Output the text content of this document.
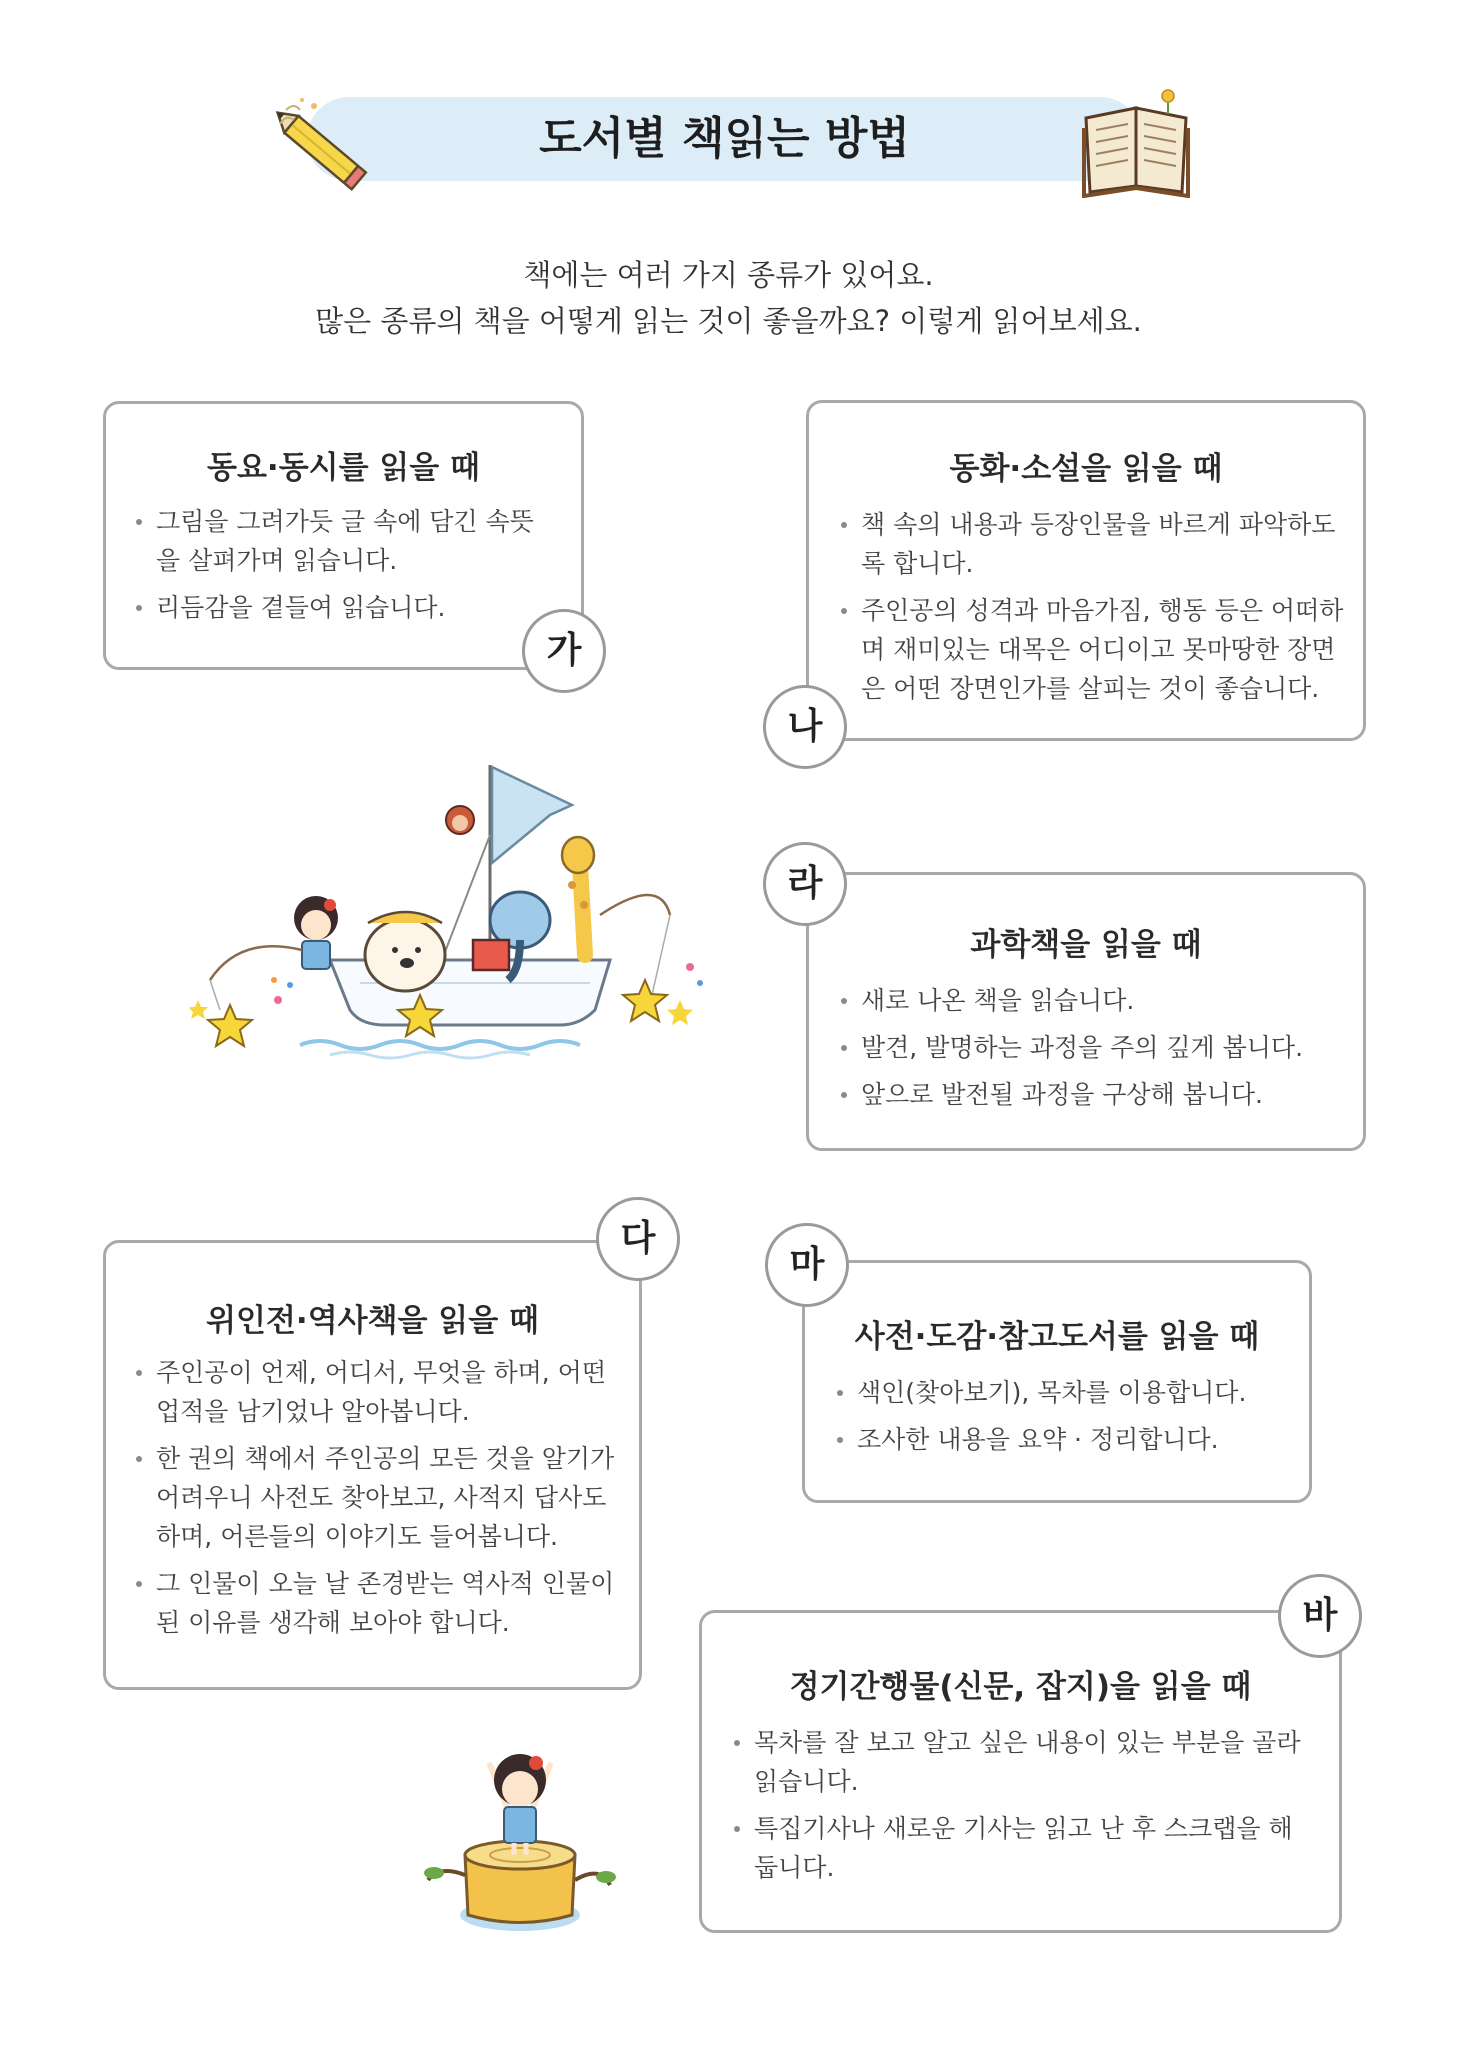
도서별 책읽는 방법
책에는 여러 가지 종류가 있어요.
많은 종류의 책을 어떻게 읽는 것이 좋을까요? 이렇게 읽어보세요.
동요·동시를 읽을 때
그림을 그려가듯 글 속에 담긴 속뜻을 살펴가며 읽습니다.
리듬감을 곁들여 읽습니다.
가
동화·소설을 읽을 때
책 속의 내용과 등장인물을 바르게 파악하도록 합니다.
주인공의 성격과 마음가짐, 행동 등은 어떠하며 재미있는 대목은 어디이고 못마땅한 장면은 어떤 장면인가를 살피는 것이 좋습니다.
나
과학책을 읽을 때
새로 나온 책을 읽습니다.
발견, 발명하는 과정을 주의 깊게 봅니다.
앞으로 발전될 과정을 구상해 봅니다.
라
위인전·역사책을 읽을 때
주인공이 언제, 어디서, 무엇을 하며, 어떤 업적을 남기었나 알아봅니다.
한 권의 책에서 주인공의 모든 것을 알기가 어려우니 사전도 찾아보고, 사적지 답사도 하며, 어른들의 이야기도 들어봅니다.
그 인물이 오늘 날 존경받는 역사적 인물이 된 이유를 생각해 보아야 합니다.
다
사전·도감·참고도서를 읽을 때
색인(찾아보기), 목차를 이용합니다.
조사한 내용을 요약 · 정리합니다.
마
정기간행물(신문, 잡지)을 읽을 때
목차를 잘 보고 알고 싶은 내용이 있는 부분을 골라 읽습니다.
특집기사나 새로운 기사는 읽고 난 후 스크랩을 해 둡니다.
바
